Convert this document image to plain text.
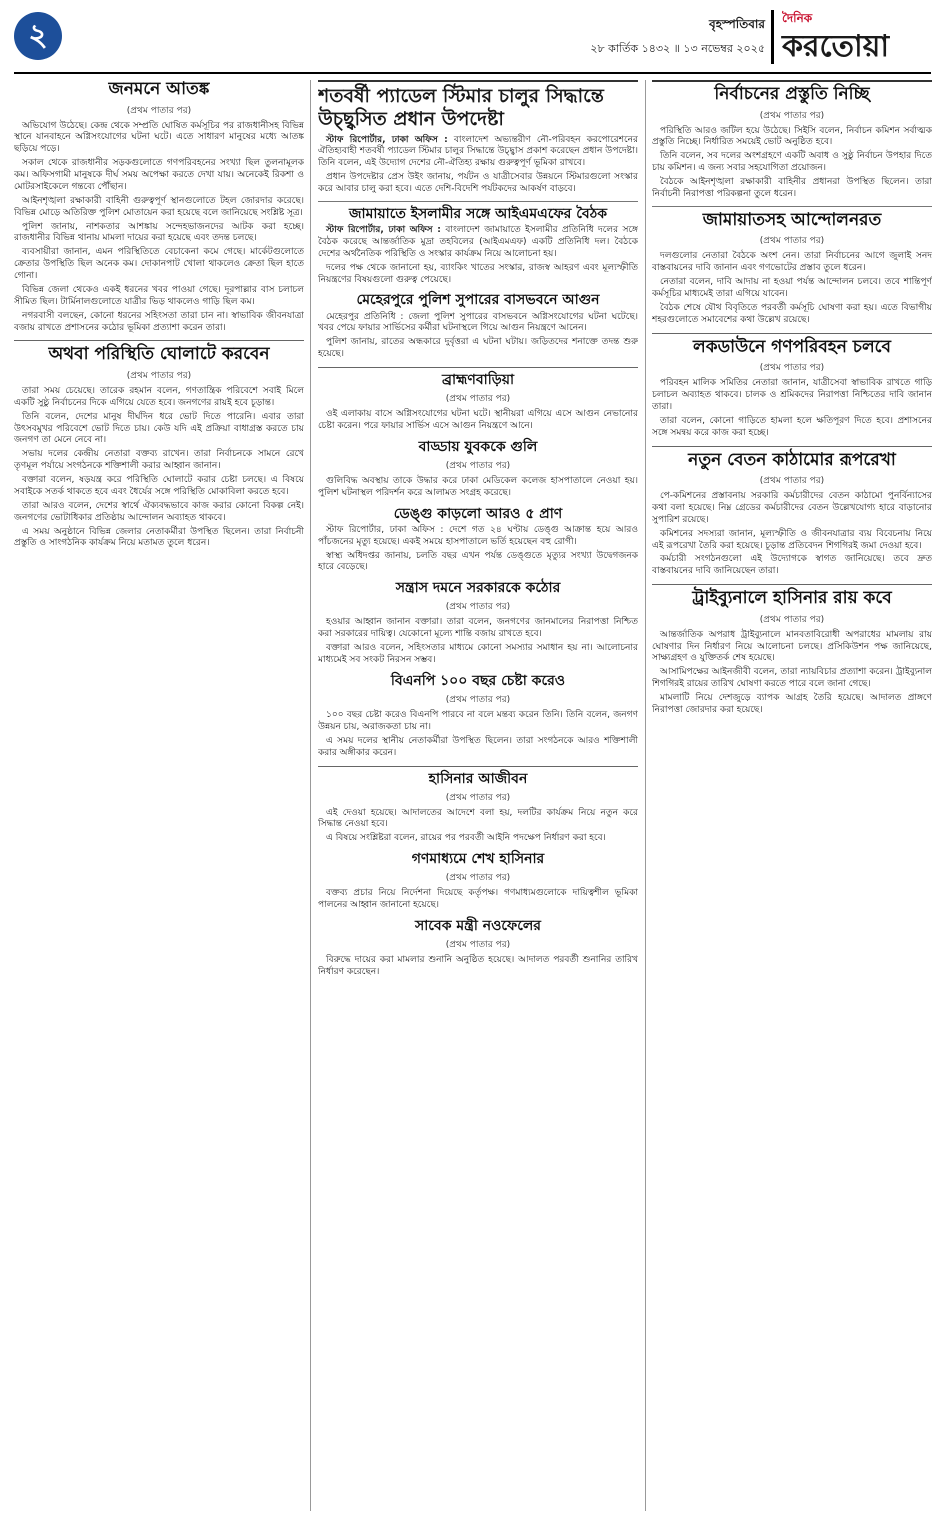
২	বৃহস্পতিবার
২৮ কার্তিক ১৪৩২ ॥ ১৩ নভেম্বর ২০২৫
দৈনিক
করতোয়া
জনমনে আতঙ্ক
(প্রথম পাতার পর)

অভিযোগ উঠেছে। কেন্দ্র থেকে সম্প্রতি ঘোষিত কর্মসূচির পর রাজধানীসহ বিভিন্ন স্থানে যানবাহনে অগ্নিসংযোগের ঘটনা ঘটে। এতে সাধারণ মানুষের মধ্যে আতঙ্ক ছড়িয়ে পড়ে।

সকাল থেকে রাজধানীর সড়কগুলোতে গণপরিবহনের সংখ্যা ছিল তুলনামূলক কম। অফিসগামী মানুষকে দীর্ঘ সময় অপেক্ষা করতে দেখা যায়। অনেকেই রিকশা ও মোটরসাইকেলে গন্তব্যে পৌঁছান।

আইনশৃঙ্খলা রক্ষাকারী বাহিনী গুরুত্বপূর্ণ স্থানগুলোতে টহল জোরদার করেছে। বিভিন্ন মোড়ে অতিরিক্ত পুলিশ মোতায়েন করা হয়েছে বলে জানিয়েছে সংশ্লিষ্ট সূত্র।

পুলিশ জানায়, নাশকতার আশঙ্কায় সন্দেহভাজনদের আটক করা হচ্ছে। রাজধানীর বিভিন্ন থানায় মামলা দায়ের করা হয়েছে এবং তদন্ত চলছে।

ব্যবসায়ীরা জানান, এমন পরিস্থিতিতে বেচাকেনা কমে গেছে। মার্কেটগুলোতে ক্রেতার উপস্থিতি ছিল অনেক কম। দোকানপাট খোলা থাকলেও ক্রেতা ছিল হাতে গোনা।

বিভিন্ন জেলা থেকেও একই ধরনের খবর পাওয়া গেছে। দূরপাল্লার বাস চলাচল সীমিত ছিল। টার্মিনালগুলোতে যাত্রীর ভিড় থাকলেও গাড়ি ছিল কম।

নগরবাসী বলছেন, কোনো ধরনের সহিংসতা তারা চান না। স্বাভাবিক জীবনযাত্রা বজায় রাখতে প্রশাসনের কঠোর ভূমিকা প্রত্যাশা করেন তারা।

অথবা পরিস্থিতি ঘোলাটে করবেন
(প্রথম পাতার পর)

তারা সময় চেয়েছে। তারেক রহমান বলেন, গণতান্ত্রিক পরিবেশে সবাই মিলে একটি সুষ্ঠু নির্বাচনের দিকে এগিয়ে যেতে হবে। জনগণের রায়ই হবে চূড়ান্ত।

তিনি বলেন, দেশের মানুষ দীর্ঘদিন ধরে ভোট দিতে পারেনি। এবার তারা উৎসবমুখর পরিবেশে ভোট দিতে চায়। কেউ যদি এই প্রক্রিয়া বাধাগ্রস্ত করতে চায় জনগণ তা মেনে নেবে না।

সভায় দলের কেন্দ্রীয় নেতারা বক্তব্য রাখেন। তারা নির্বাচনকে সামনে রেখে তৃণমূল পর্যায়ে সংগঠনকে শক্তিশালী করার আহ্বান জানান।

বক্তারা বলেন, ষড়যন্ত্র করে পরিস্থিতি ঘোলাটে করার চেষ্টা চলছে। এ বিষয়ে সবাইকে সতর্ক থাকতে হবে এবং ধৈর্যের সঙ্গে পরিস্থিতি মোকাবিলা করতে হবে।

তারা আরও বলেন, দেশের স্বার্থে ঐক্যবদ্ধভাবে কাজ করার কোনো বিকল্প নেই। জনগণের ভোটাধিকার প্রতিষ্ঠায় আন্দোলন অব্যাহত থাকবে।

এ সময় অনুষ্ঠানে বিভিন্ন জেলার নেতাকর্মীরা উপস্থিত ছিলেন। তারা নির্বাচনী প্রস্তুতি ও সাংগঠনিক কার্যক্রম নিয়ে মতামত তুলে ধরেন।

শতবর্ষী প্যাডেল স্টিমার চালুর সিদ্ধান্তে উচ্ছ্বসিত প্রধান উপদেষ্টা

স্টাফ রিপোর্টার, ঢাকা অফিস : বাংলাদেশ অভ্যন্তরীণ নৌ-পরিবহন করপোরেশনের ঐতিহ্যবাহী শতবর্ষী প্যাডেল স্টিমার চালুর সিদ্ধান্তে উচ্ছ্বাস প্রকাশ করেছেন প্রধান উপদেষ্টা। তিনি বলেন, এই উদ্যোগ দেশের নৌ-ঐতিহ্য রক্ষায় গুরুত্বপূর্ণ ভূমিকা রাখবে।

প্রধান উপদেষ্টার প্রেস উইং জানায়, পর্যটন ও যাত্রীসেবার উন্নয়নে স্টিমারগুলো সংস্কার করে আবার চালু করা হবে। এতে দেশি-বিদেশি পর্যটকদের আকর্ষণ বাড়বে।

জামায়াতে ইসলামীর সঙ্গে আইএমএফের বৈঠক

স্টাফ রিপোর্টার, ঢাকা অফিস : বাংলাদেশ জামায়াতে ইসলামীর প্রতিনিধি দলের সঙ্গে বৈঠক করেছে আন্তর্জাতিক মুদ্রা তহবিলের (আইএমএফ) একটি প্রতিনিধি দল। বৈঠকে দেশের অর্থনৈতিক পরিস্থিতি ও সংস্কার কার্যক্রম নিয়ে আলোচনা হয়।

দলের পক্ষ থেকে জানানো হয়, ব্যাংকিং খাতের সংস্কার, রাজস্ব আহরণ এবং মূল্যস্ফীতি নিয়ন্ত্রণের বিষয়গুলো গুরুত্ব পেয়েছে।

মেহেরপুরে পুলিশ সুপারের বাসভবনে আগুন

মেহেরপুর প্রতিনিধি : জেলা পুলিশ সুপারের বাসভবনে অগ্নিসংযোগের ঘটনা ঘটেছে। খবর পেয়ে ফায়ার সার্ভিসের কর্মীরা ঘটনাস্থলে গিয়ে আগুন নিয়ন্ত্রণে আনেন।

পুলিশ জানায়, রাতের অন্ধকারে দুর্বৃত্তরা এ ঘটনা ঘটায়। জড়িতদের শনাক্তে তদন্ত শুরু হয়েছে।

ব্রাহ্মণবাড়িয়া
(প্রথম পাতার পর)

ওই এলাকায় বাসে অগ্নিসংযোগের ঘটনা ঘটে। স্থানীয়রা এগিয়ে এসে আগুন নেভানোর চেষ্টা করেন। পরে ফায়ার সার্ভিস এসে আগুন নিয়ন্ত্রণে আনে।

বাড্ডায় যুবককে গুলি
(প্রথম পাতার পর)

গুলিবিদ্ধ অবস্থায় তাকে উদ্ধার করে ঢাকা মেডিকেল কলেজ হাসপাতালে নেওয়া হয়। পুলিশ ঘটনাস্থল পরিদর্শন করে আলামত সংগ্রহ করেছে।

ডেঙ্গু কাড়লো আরও ৫ প্রাণ

স্টাফ রিপোর্টার, ঢাকা অফিস : দেশে গত ২৪ ঘণ্টায় ডেঙ্গু আক্রান্ত হয়ে আরও পাঁচজনের মৃত্যু হয়েছে। একই সময়ে হাসপাতালে ভর্তি হয়েছেন বহু রোগী।

স্বাস্থ্য অধিদপ্তর জানায়, চলতি বছর এখন পর্যন্ত ডেঙ্গুতে মৃত্যুর সংখ্যা উদ্বেগজনক হারে বেড়েছে।

সন্ত্রাস দমনে সরকারকে কঠোর
(প্রথম পাতার পর)

হওয়ার আহ্বান জানান বক্তারা। তারা বলেন, জনগণের জানমালের নিরাপত্তা নিশ্চিত করা সরকারের দায়িত্ব। যেকোনো মূল্যে শান্তি বজায় রাখতে হবে।

বক্তারা আরও বলেন, সহিংসতার মাধ্যমে কোনো সমস্যার সমাধান হয় না। আলোচনার মাধ্যমেই সব সংকট নিরসন সম্ভব।

বিএনপি ১০০ বছর চেষ্টা করেও
(প্রথম পাতার পর)

১০০ বছর চেষ্টা করেও বিএনপি পারবে না বলে মন্তব্য করেন তিনি। তিনি বলেন, জনগণ উন্নয়ন চায়, অরাজকতা চায় না।

এ সময় দলের স্থানীয় নেতাকর্মীরা উপস্থিত ছিলেন। তারা সংগঠনকে আরও শক্তিশালী করার অঙ্গীকার করেন।

হাসিনার আজীবন
(প্রথম পাতার পর)

এই দেওয়া হয়েছে। আদালতের আদেশে বলা হয়, দলটির কার্যক্রম নিয়ে নতুন করে সিদ্ধান্ত নেওয়া হবে।

এ বিষয়ে সংশ্লিষ্টরা বলেন, রায়ের পর পরবর্তী আইনি পদক্ষেপ নির্ধারণ করা হবে।

গণমাধ্যমে শেখ হাসিনার
(প্রথম পাতার পর)

বক্তব্য প্রচার নিয়ে নির্দেশনা দিয়েছে কর্তৃপক্ষ। গণমাধ্যমগুলোকে দায়িত্বশীল ভূমিকা পালনের আহ্বান জানানো হয়েছে।

সাবেক মন্ত্রী নওফেলের
(প্রথম পাতার পর)

বিরুদ্ধে দায়ের করা মামলার শুনানি অনুষ্ঠিত হয়েছে। আদালত পরবর্তী শুনানির তারিখ নির্ধারণ করেছেন।

নির্বাচনের প্রস্তুতি নিচ্ছি
(প্রথম পাতার পর)

পরিস্থিতি আরও জটিল হয়ে উঠেছে। সিইসি বলেন, নির্বাচন কমিশন সর্বাত্মক প্রস্তুতি নিচ্ছে। নির্ধারিত সময়েই ভোট অনুষ্ঠিত হবে।

তিনি বলেন, সব দলের অংশগ্রহণে একটি অবাধ ও সুষ্ঠু নির্বাচন উপহার দিতে চায় কমিশন। এ জন্য সবার সহযোগিতা প্রয়োজন।

বৈঠকে আইনশৃঙ্খলা রক্ষাকারী বাহিনীর প্রধানরা উপস্থিত ছিলেন। তারা নির্বাচনী নিরাপত্তা পরিকল্পনা তুলে ধরেন।

জামায়াতসহ আন্দোলনরত
(প্রথম পাতার পর)

দলগুলোর নেতারা বৈঠকে অংশ নেন। তারা নির্বাচনের আগে জুলাই সনদ বাস্তবায়নের দাবি জানান এবং গণভোটের প্রস্তাব তুলে ধরেন।

নেতারা বলেন, দাবি আদায় না হওয়া পর্যন্ত আন্দোলন চলবে। তবে শান্তিপূর্ণ কর্মসূচির মাধ্যমেই তারা এগিয়ে যাবেন।

বৈঠক শেষে যৌথ বিবৃতিতে পরবর্তী কর্মসূচি ঘোষণা করা হয়। এতে বিভাগীয় শহরগুলোতে সমাবেশের কথা উল্লেখ রয়েছে।

লকডাউনে গণপরিবহন চলবে
(প্রথম পাতার পর)

পরিবহন মালিক সমিতির নেতারা জানান, যাত্রীসেবা স্বাভাবিক রাখতে গাড়ি চলাচল অব্যাহত থাকবে। চালক ও শ্রমিকদের নিরাপত্তা নিশ্চিতের দাবি জানান তারা।

তারা বলেন, কোনো গাড়িতে হামলা হলে ক্ষতিপূরণ দিতে হবে। প্রশাসনের সঙ্গে সমন্বয় করে কাজ করা হচ্ছে।

নতুন বেতন কাঠামোর রূপরেখা
(প্রথম পাতার পর)

পে-কমিশনের প্রস্তাবনায় সরকারি কর্মচারীদের বেতন কাঠামো পুনর্বিন্যাসের কথা বলা হয়েছে। নিম্ন গ্রেডের কর্মচারীদের বেতন উল্লেখযোগ্য হারে বাড়ানোর সুপারিশ রয়েছে।

কমিশনের সদস্যরা জানান, মূল্যস্ফীতি ও জীবনযাত্রার ব্যয় বিবেচনায় নিয়ে এই রূপরেখা তৈরি করা হয়েছে। চূড়ান্ত প্রতিবেদন শিগগিরই জমা দেওয়া হবে।

কর্মচারী সংগঠনগুলো এই উদ্যোগকে স্বাগত জানিয়েছে। তবে দ্রুত বাস্তবায়নের দাবি জানিয়েছেন তারা।

ট্রাইব্যুনালে হাসিনার রায় কবে
(প্রথম পাতার পর)

আন্তর্জাতিক অপরাধ ট্রাইব্যুনালে মানবতাবিরোধী অপরাধের মামলায় রায় ঘোষণার দিন নির্ধারণ নিয়ে আলোচনা চলছে। প্রসিকিউশন পক্ষ জানিয়েছে, সাক্ষ্যগ্রহণ ও যুক্তিতর্ক শেষ হয়েছে।

আসামিপক্ষের আইনজীবী বলেন, তারা ন্যায়বিচার প্রত্যাশা করেন। ট্রাইব্যুনাল শিগগিরই রায়ের তারিখ ঘোষণা করতে পারে বলে জানা গেছে।

মামলাটি নিয়ে দেশজুড়ে ব্যাপক আগ্রহ তৈরি হয়েছে। আদালত প্রাঙ্গণে নিরাপত্তা জোরদার করা হয়েছে।
